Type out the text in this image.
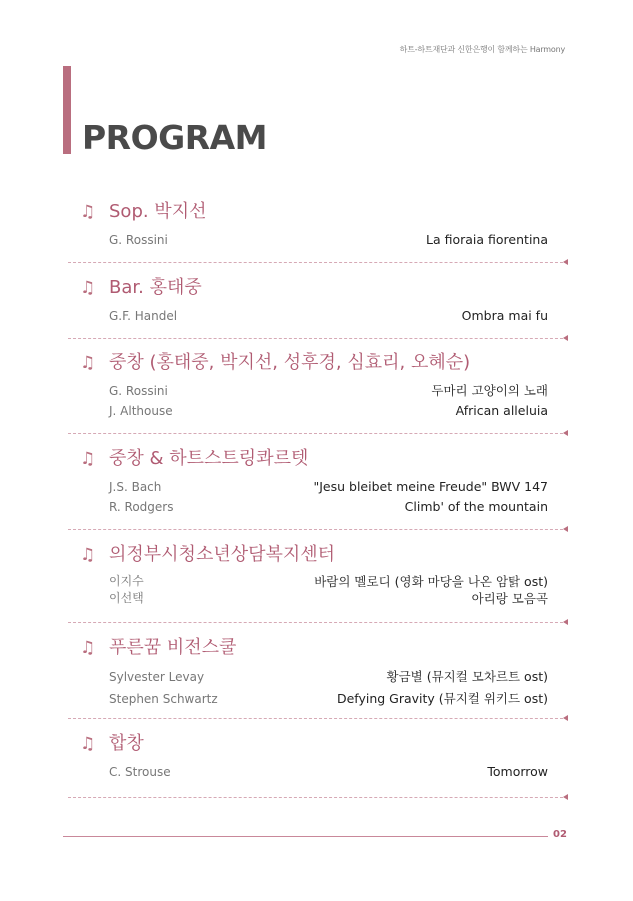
하트-하트재단과 신한은행이 함께하는 Harmony
PROGRAM
♫ Sop. 박지선
G. Rossini	La fioraia fiorentina
♫ Bar. 홍태중
G.F. Handel	Ombra mai fu
♫ 중창 (홍태중, 박지선, 성후경, 심효리, 오혜순)
G. Rossini	두마리 고양이의 노래
J. Althouse	African alleluia
♫ 중창 & 하트스트링콰르텟
J.S. Bach	"Jesu bleibet meine Freude" BWV 147
R. Rodgers	Climb' of the mountain
♫ 의정부시청소년상담복지센터
이지수	바람의 멜로디 (영화 마당을 나온 암탉 ost)
이선택	아리랑 모음곡
♫ 푸른꿈 비전스쿨
Sylvester Levay	황금별 (뮤지컬 모차르트 ost)
Stephen Schwartz	Defying Gravity (뮤지컬 위키드 ost)
♫ 합창
C. Strouse	Tomorrow
02
